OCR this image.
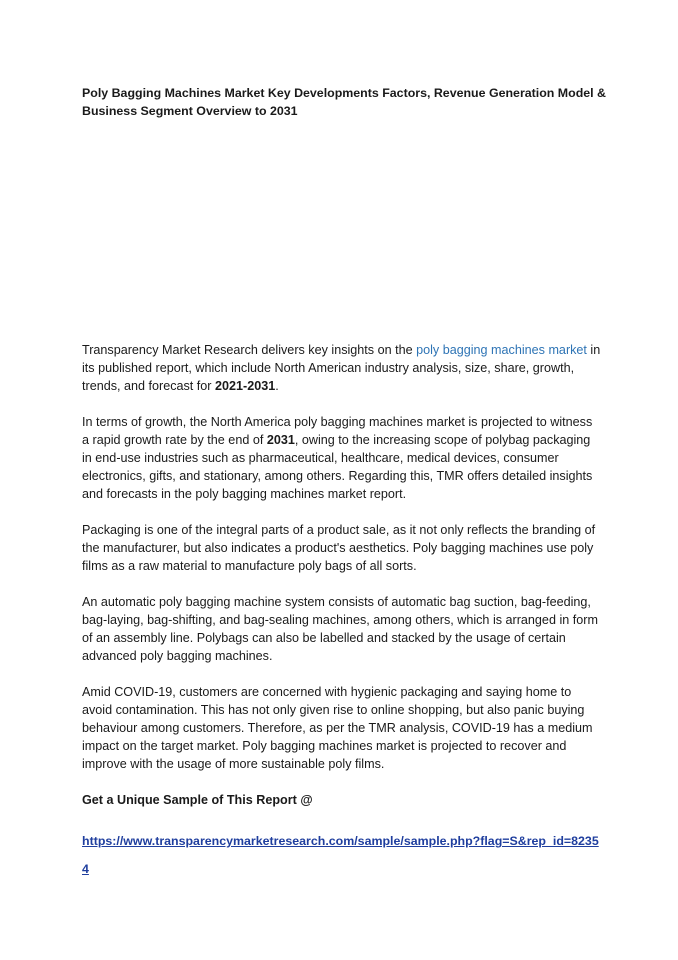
Poly Bagging Machines Market Key Developments Factors, Revenue Generation Model & Business Segment Overview to 2031

Transparency Market Research delivers key insights on the poly bagging machines market in its published report, which include North American industry analysis, size, share, growth, trends, and forecast for 2021-2031.

In terms of growth, the North America poly bagging machines market is projected to witness a rapid growth rate by the end of 2031, owing to the increasing scope of polybag packaging in end-use industries such as pharmaceutical, healthcare, medical devices, consumer electronics, gifts, and stationary, among others. Regarding this, TMR offers detailed insights and forecasts in the poly bagging machines market report.

Packaging is one of the integral parts of a product sale, as it not only reflects the branding of the manufacturer, but also indicates a product's aesthetics. Poly bagging machines use poly films as a raw material to manufacture poly bags of all sorts.

An automatic poly bagging machine system consists of automatic bag suction, bag-feeding, bag-laying, bag-shifting, and bag-sealing machines, among others, which is arranged in form of an assembly line. Polybags can also be labelled and stacked by the usage of certain advanced poly bagging machines.

Amid COVID-19, customers are concerned with hygienic packaging and saying home to avoid contamination. This has not only given rise to online shopping, but also panic buying behaviour among customers. Therefore, as per the TMR analysis, COVID-19 has a medium impact on the target market. Poly bagging machines market is projected to recover and improve with the usage of more sustainable poly films.

Get a Unique Sample of This Report @

https://www.transparencymarketresearch.com/sample/sample.php?flag=S&rep_id=82354
